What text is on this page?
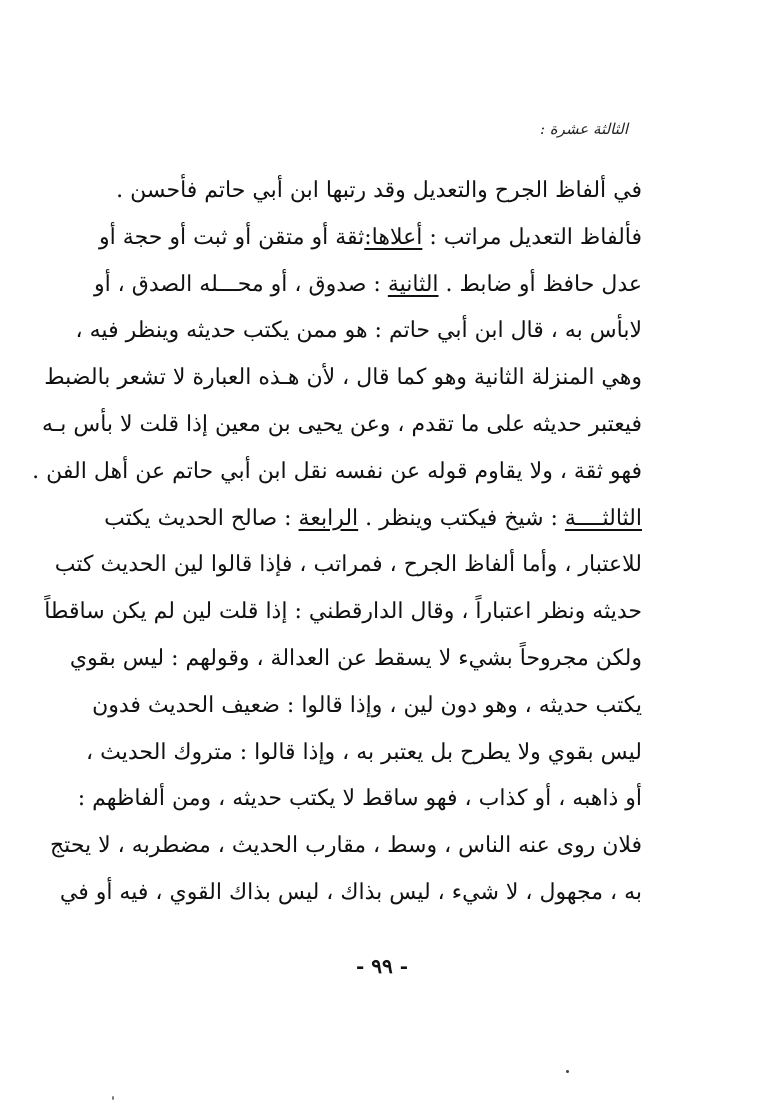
الثالثة عشرة :
في ألفاظ الجرح والتعديل وقد رتبها ابن أبي حاتم فأحسن .
فألفاظ التعديل مراتب : أعلاها:ثقة أو متقن أو ثبت أو حجة أو
عدل حافظ أو ضابط . الثانية : صدوق ، أو محـــله الصدق ، أو
لابأس به ، قال ابن أبي حاتم : هو ممن يكتب حديثه وينظر فيه ،
وهي المنزلة الثانية وهو كما قال ، لأن هـذه العبارة لا تشعر بالضبط
فيعتبر حديثه على ما تقدم ، وعن يحيى بن معين إذا قلت لا بأس بـه
فهو ثقة ، ولا يقاوم قوله عن نفسه نقل ابن أبي حاتم عن أهل الفن .
الثالثــــة : شيخ فيكتب وينظر . الرابعة : صالح الحديث يكتب
للاعتبار ، وأما ألفاظ الجرح ، فمراتب ، فإذا قالوا لين الحديث كتب
حديثه ونظر اعتباراً ، وقال الدارقطني : إذا قلت لين لم يكن ساقطاً
ولكن مجروحاً بشيء لا يسقط عن العدالة ، وقولهم : ليس بقوي
يكتب حديثه ، وهو دون لين ، وإذا قالوا : ضعيف الحديث فدون
ليس بقوي ولا يطرح بل يعتبر به ، وإذا قالوا : متروك الحديث ،
أو ذاهبه ، أو كذاب ، فهو ساقط لا يكتب حديثه ، ومن ألفاظهم :
فلان روى عنه الناس ، وسط ، مقارب الحديث ، مضطربه ، لا يحتج
به ، مجهول ، لا شيء ، ليس بذاك ، ليس بذاك القوي ، فيه أو في
- ٩٩ -
